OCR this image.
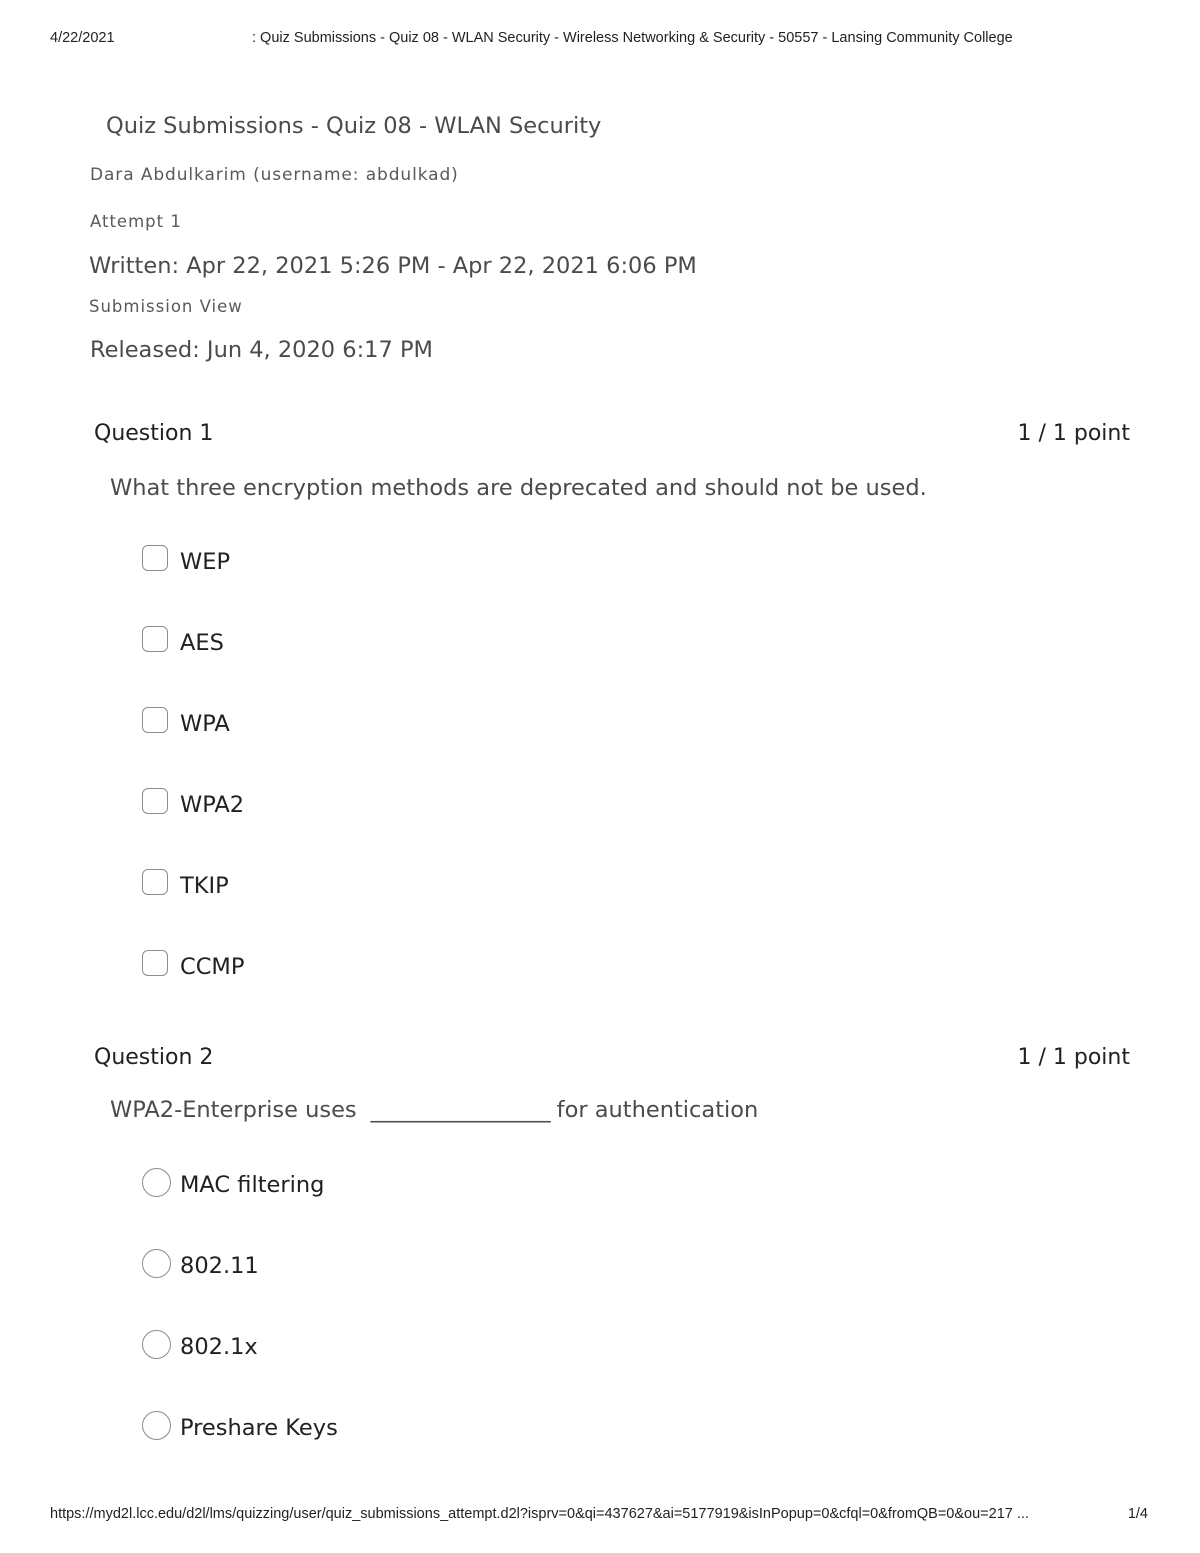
4/22/2021	: Quiz Submissions - Quiz 08 - WLAN Security - Wireless Networking & Security - 50557 - Lansing Community College
Quiz Submissions - Quiz 08 - WLAN Security
Dara Abdulkarim (username: abdulkad)
Attempt 1
Written: Apr 22, 2021 5:26 PM - Apr 22, 2021 6:06 PM
Submission View
Released: Jun 4, 2020 6:17 PM
Question 1	1 / 1 point
What three encryption methods are deprecated and should not be used.
WEP
AES
WPA
WPA2
TKIP
CCMP
Question 2	1 / 1 point
WPA2-Enterprise uses ________________ for authentication
MAC filtering
802.11
802.1x
Preshare Keys
https://myd2l.lcc.edu/d2l/lms/quizzing/user/quiz_submissions_attempt.d2l?isprv=0&qi=437627&ai=5177919&isInPopup=0&cfql=0&fromQB=0&ou=217 ...	1/4
